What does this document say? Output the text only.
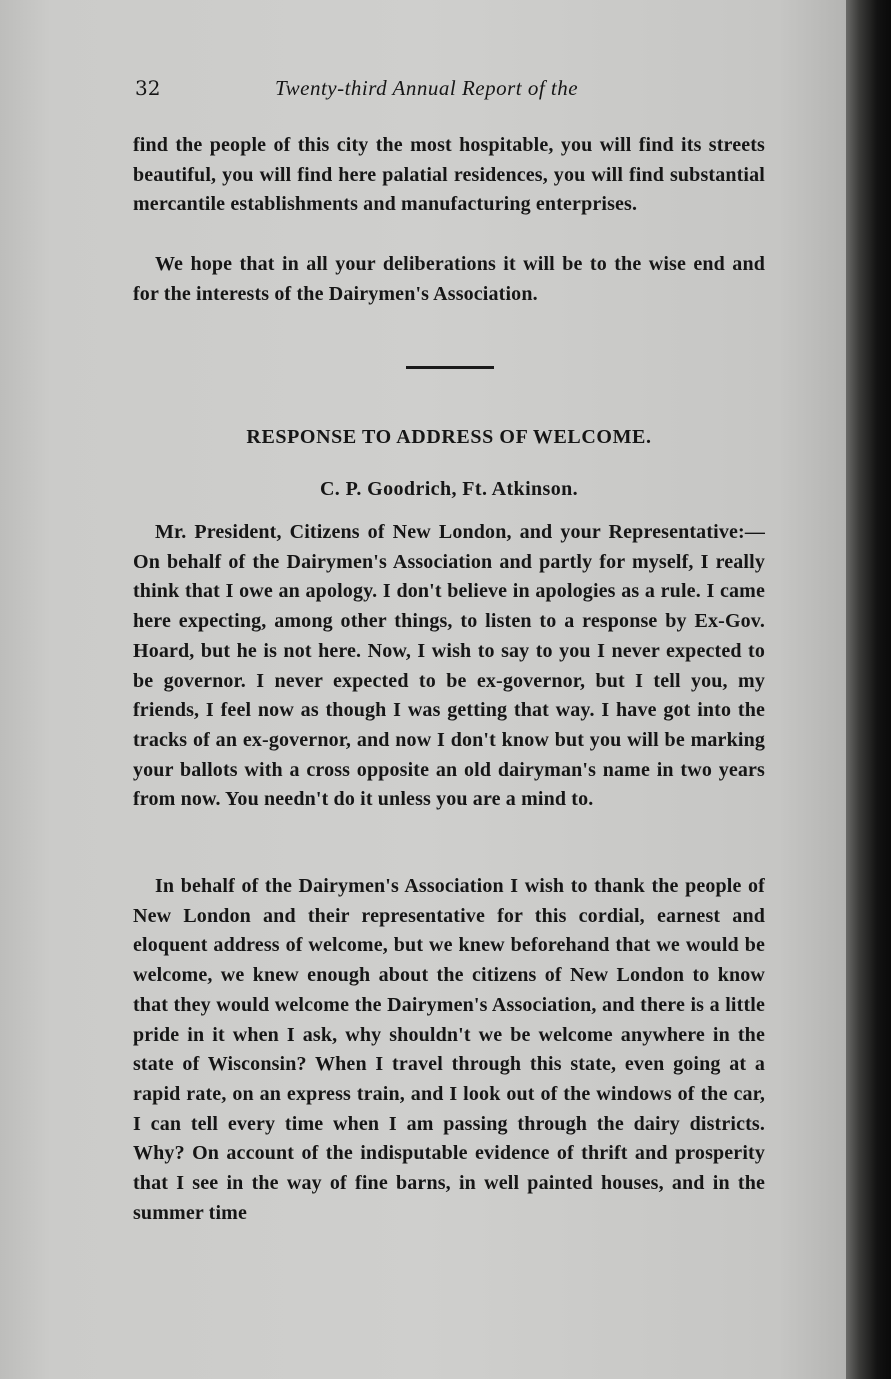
32	Twenty-third Annual Report of the

find the people of this city the most hospitable, you will find its streets beautiful, you will find here palatial residences, you will find substantial mercantile establishments and manufacturing enterprises.

We hope that in all your deliberations it will be to the wise end and for the interests of the Dairymen's Association.

RESPONSE TO ADDRESS OF WELCOME.
C. P. Goodrich, Ft. Atkinson.

Mr. President, Citizens of New London, and your Representative:—On behalf of the Dairymen's Association and partly for myself, I really think that I owe an apology. I don't believe in apologies as a rule. I came here expecting, among other things, to listen to a response by Ex-Gov. Hoard, but he is not here. Now, I wish to say to you I never expected to be governor. I never expected to be ex-governor, but I tell you, my friends, I feel now as though I was getting that way. I have got into the tracks of an ex-governor, and now I don't know but you will be marking your ballots with a cross opposite an old dairyman's name in two years from now. You needn't do it unless you are a mind to.

In behalf of the Dairymen's Association I wish to thank the people of New London and their representative for this cordial, earnest and eloquent address of welcome, but we knew beforehand that we would be welcome, we knew enough about the citizens of New London to know that they would welcome the Dairymen's Association, and there is a little pride in it when I ask, why shouldn't we be welcome anywhere in the state of Wisconsin? When I travel through this state, even going at a rapid rate, on an express train, and I look out of the windows of the car, I can tell every time when I am passing through the dairy districts. Why? On account of the indisputable evidence of thrift and prosperity that I see in the way of fine barns, in well painted houses, and in the summer time
